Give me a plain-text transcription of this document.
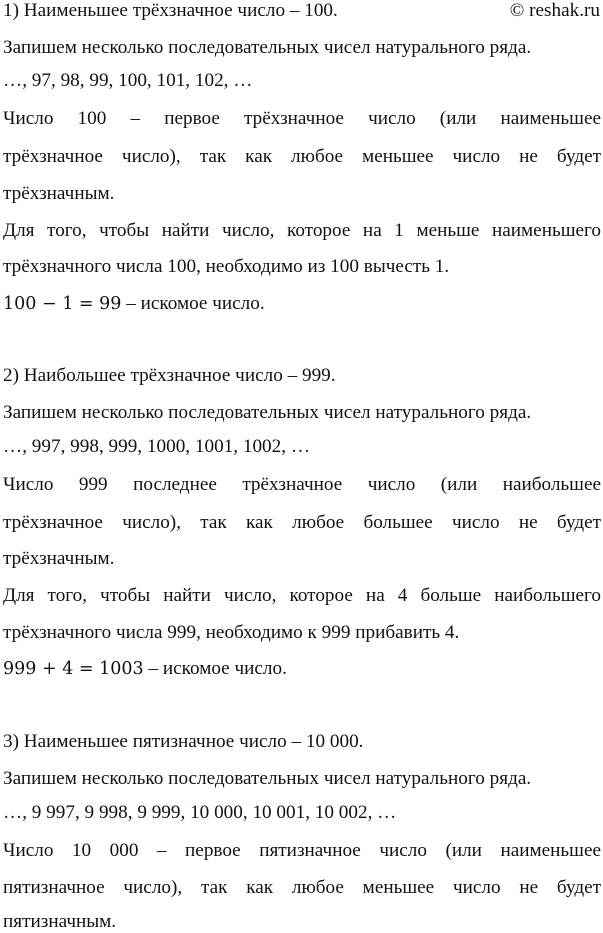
1) Наименьшее трёхзначное число – 100.	© reshak.ru

Запишем несколько последовательных чисел натурального ряда.

…, 97, 98, 99, 100, 101, 102, …

Число 100 – первое трёхзначное число (или наименьшее

трёхзначное число), так как любое меньшее число не будет

трёхзначным.

Для того, чтобы найти число, которое на 1 меньше наименьшего

трёхзначного числа 100, необходимо из 100 вычесть 1.

100 − 1 = 99 – искомое число.

2) Наибольшее трёхзначное число – 999.

Запишем несколько последовательных чисел натурального ряда.

…, 997, 998, 999, 1000, 1001, 1002, …

Число 999 последнее трёхзначное число (или наибольшее

трёхзначное число), так как любое большее число не будет

трёхзначным.

Для того, чтобы найти число, которое на 4 больше наибольшего

трёхзначного числа 999, необходимо к 999 прибавить 4.

999 + 4 = 1003 – искомое число.

3) Наименьшее пятизначное число – 10 000.

Запишем несколько последовательных чисел натурального ряда.

…, 9 997, 9 998, 9 999, 10 000, 10 001, 10 002, …

Число 10 000 – первое пятизначное число (или наименьшее

пятизначное число), так как любое меньшее число не будет

пятизначным.
